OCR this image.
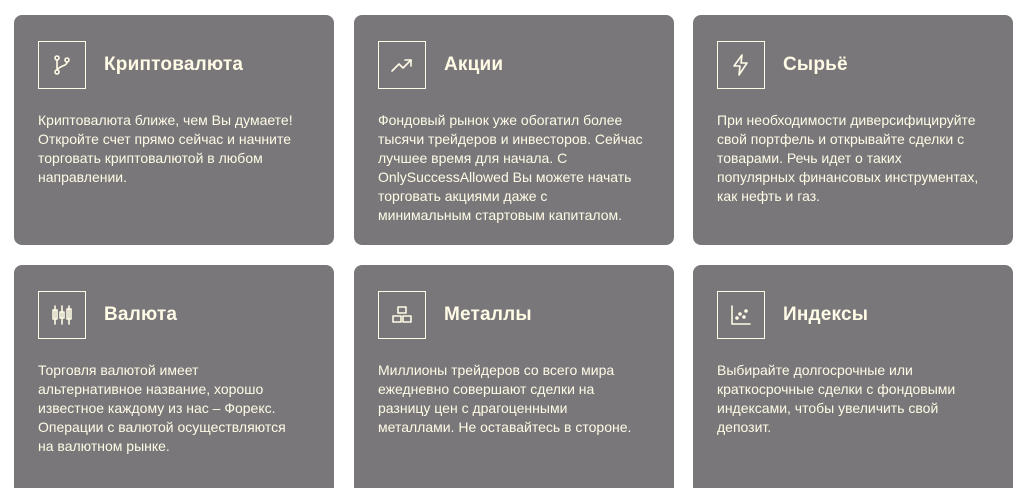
Криптовалюта

Криптовалюта ближе, чем Вы думаете! Откройте счет прямо сейчас и начните торговать криптовалютой в любом направлении.

Акции

Фондовый рынок уже обогатил более тысячи трейдеров и инвесторов. Сейчас лучшее время для начала. С OnlySuccessAllowed Вы можете начать торговать акциями даже с минимальным стартовым капиталом.

Сырьё

При необходимости диверсифицируйте свой портфель и открывайте сделки с товарами. Речь идет о таких популярных финансовых инструментах, как нефть и газ.

Валюта

Торговля валютой имеет альтернативное название, хорошо известное каждому из нас – Форекс. Операции с валютой осуществляются на валютном рынке.

Металлы

Миллионы трейдеров со всего мира ежедневно совершают сделки на разницу цен с драгоценными металлами. Не оставайтесь в стороне.

Индексы

Выбирайте долгосрочные или краткосрочные сделки с фондовыми индексами, чтобы увеличить свой депозит.
